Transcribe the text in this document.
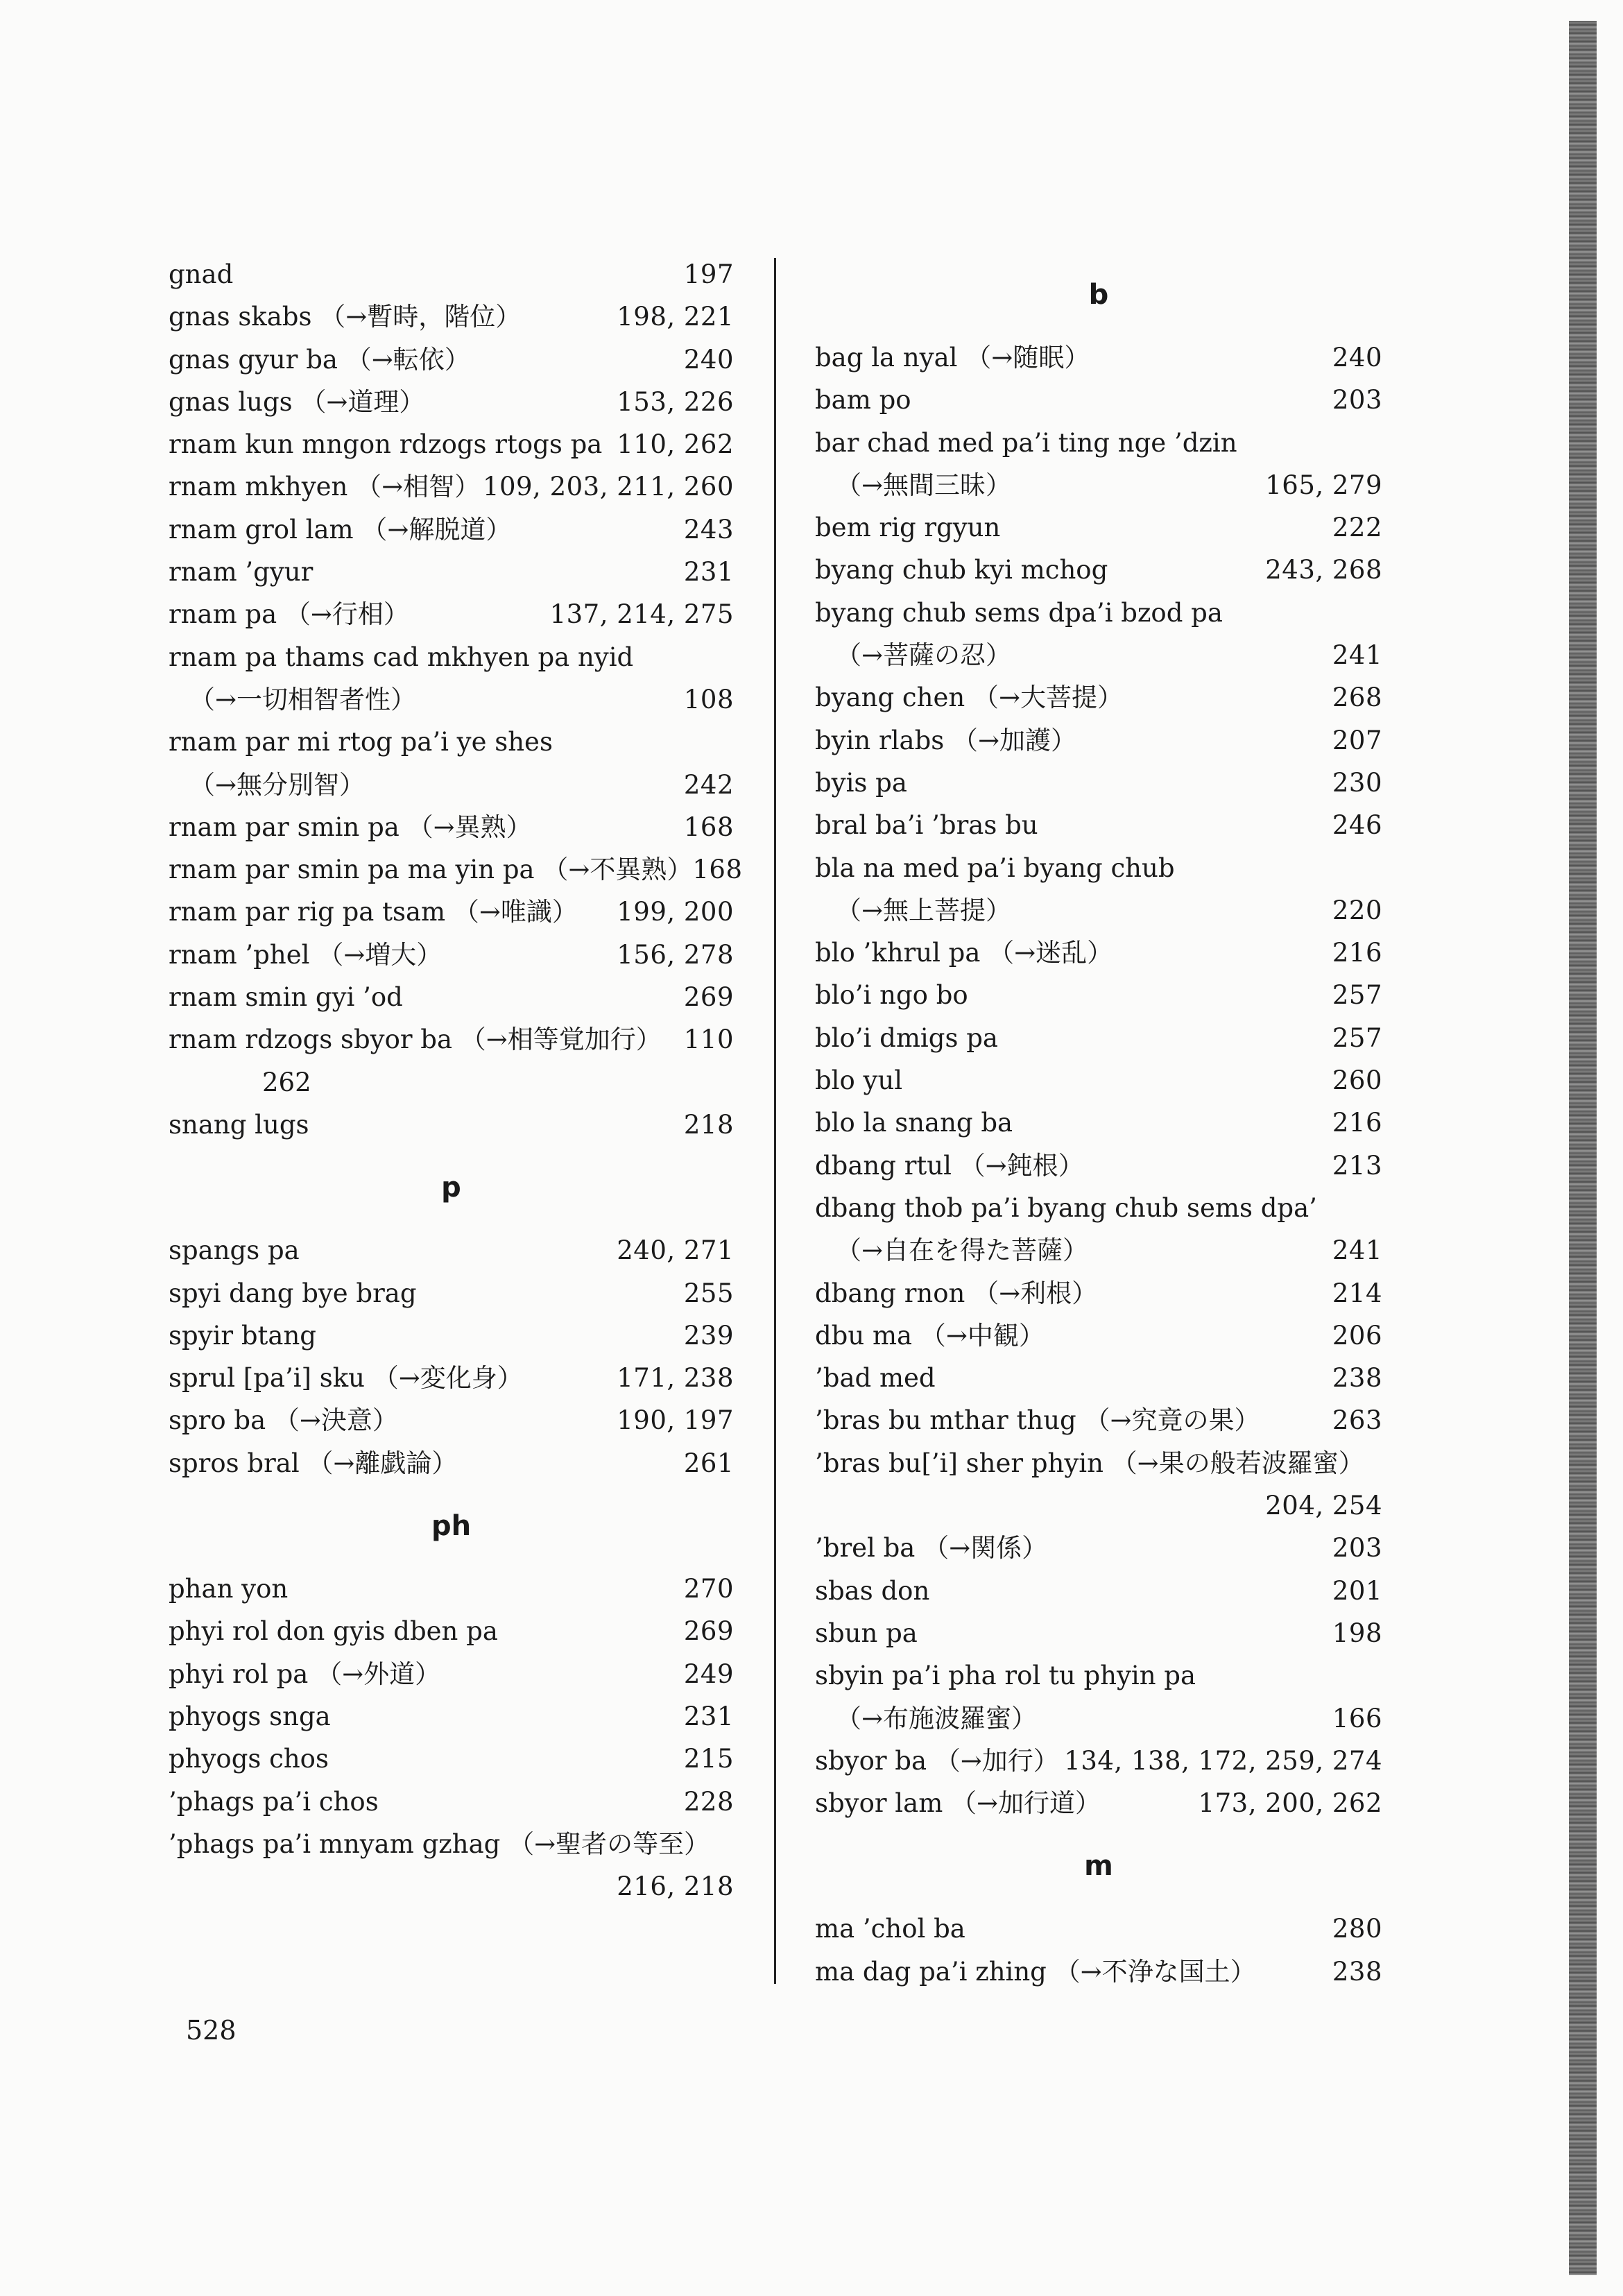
gnad	197
gnas skabs （→暫時，階位）	198, 221
gnas gyur ba （→転依）	240
gnas lugs （→道理）	153, 226
rnam kun mngon rdzogs rtogs pa 110, 262
rnam mkhyen （→相智） 109, 203, 211, 260
rnam grol lam （→解脱道）	243
rnam ’gyur	231
rnam pa （→行相）	137, 214, 275
rnam pa thams cad mkhyen pa nyid
（→一切相智者性）	108
rnam par mi rtog pa’i ye shes
（→無分別智）	242
rnam par smin pa （→異熟）	168
rnam par smin pa ma yin pa （→不異熟） 168
rnam par rig pa tsam （→唯識）	199, 200
rnam ’phel （→増大）	156, 278
rnam smin gyi ’od	269
rnam rdzogs sbyor ba （→相等覚加行） 110
262
snang lugs	218
p
spangs pa	240, 271
spyi dang bye brag	255
spyir btang	239
sprul [pa’i] sku （→変化身）	171, 238
spro ba （→決意）	190, 197
spros bral （→離戯論）	261
ph
phan yon	270
phyi rol don gyis dben pa	269
phyi rol pa （→外道）	249
phyogs snga	231
phyogs chos	215
’phags pa’i chos	228
’phags pa’i mnyam gzhag （→聖者の等至）
216, 218
b
bag la nyal （→随眠）	240
bam po	203
bar chad med pa’i ting nge ’dzin
（→無間三昧）	165, 279
bem rig rgyun	222
byang chub kyi mchog	243, 268
byang chub sems dpa’i bzod pa
（→菩薩の忍）	241
byang chen （→大菩提）	268
byin rlabs （→加護）	207
byis pa	230
bral ba’i ’bras bu	246
bla na med pa’i byang chub
（→無上菩提）	220
blo ’khrul pa （→迷乱）	216
blo’i ngo bo	257
blo’i dmigs pa	257
blo yul	260
blo la snang ba	216
dbang rtul （→鈍根）	213
dbang thob pa’i byang chub sems dpa’
（→自在を得た菩薩）	241
dbang rnon （→利根）	214
dbu ma （→中観）	206
’bad med	238
’bras bu mthar thug （→究竟の果）	263
’bras bu[’i] sher phyin （→果の般若波羅蜜）
204, 254
’brel ba （→関係）	203
sbas don	201
sbun pa	198
sbyin pa’i pha rol tu phyin pa
（→布施波羅蜜）	166
sbyor ba （→加行） 134, 138, 172, 259, 274
sbyor lam （→加行道）	173, 200, 262
m
ma ’chol ba	280
ma dag pa’i zhing （→不浄な国土）	238
528
